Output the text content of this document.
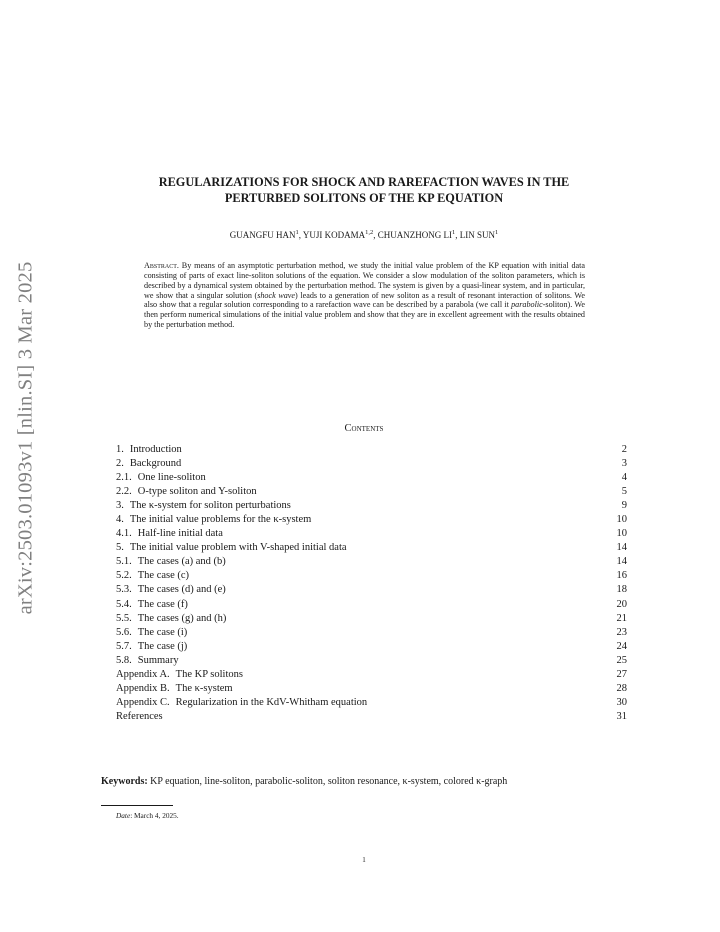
arXiv:2503.01093v1 [nlin.SI] 3 Mar 2025
REGULARIZATIONS FOR SHOCK AND RAREFACTION WAVES IN THE
PERTURBED SOLITONS OF THE KP EQUATION
GUANGFU HAN$^1$, YUJI KODAMA$^{1,2}$, CHUANZHONG $LI^1$, LIN SUN$^1$
Abstract. By means of an asymptotic perturbation method, we study the initial value problem of the KP equation with initial data consisting of parts of exact line-soliton solutions of the equation. We consider a slow modulation of the soliton parameters, which is described by a dynamical system obtained by the perturbation method. The system is given by a quasi-linear system, and in particular, we show that a singular solution (shock wave) leads to a generation of new soliton as a result of resonant interaction of solitons. We also show that a regular solution corresponding to a rarefaction wave can be described by a parabola (we call it parabolic-soliton). We then perform numerical simulations of the initial value problem and show that they are in excellent agreement with the results obtained by the perturbation method.
Contents
1. Introduction	2
2. Background	3
2.1. One line-soliton	4
2.2. O-type soliton and Y-soliton	5
3. The κ-system for soliton perturbations	9
4. The initial value problems for the κ-system	10
4.1. Half-line initial data	10
5. The initial value problem with V-shaped initial data	14
5.1. The cases (a) and (b)	14
5.2. The case (c)	16
5.3. The cases (d) and (e)	18
5.4. The case (f)	20
5.5. The cases (g) and (h)	21
5.6. The case (i)	23
5.7. The case (j)	24
5.8. Summary	25
Appendix A. The KP solitons	27
Appendix B. The κ-system	28
Appendix C. Regularization in the KdV-Whitham equation	30
References	31
Keywords: KP equation, line-soliton, parabolic-soliton, soliton resonance, κ-system, colored κ-graph
Date: March 4, 2025.
1
